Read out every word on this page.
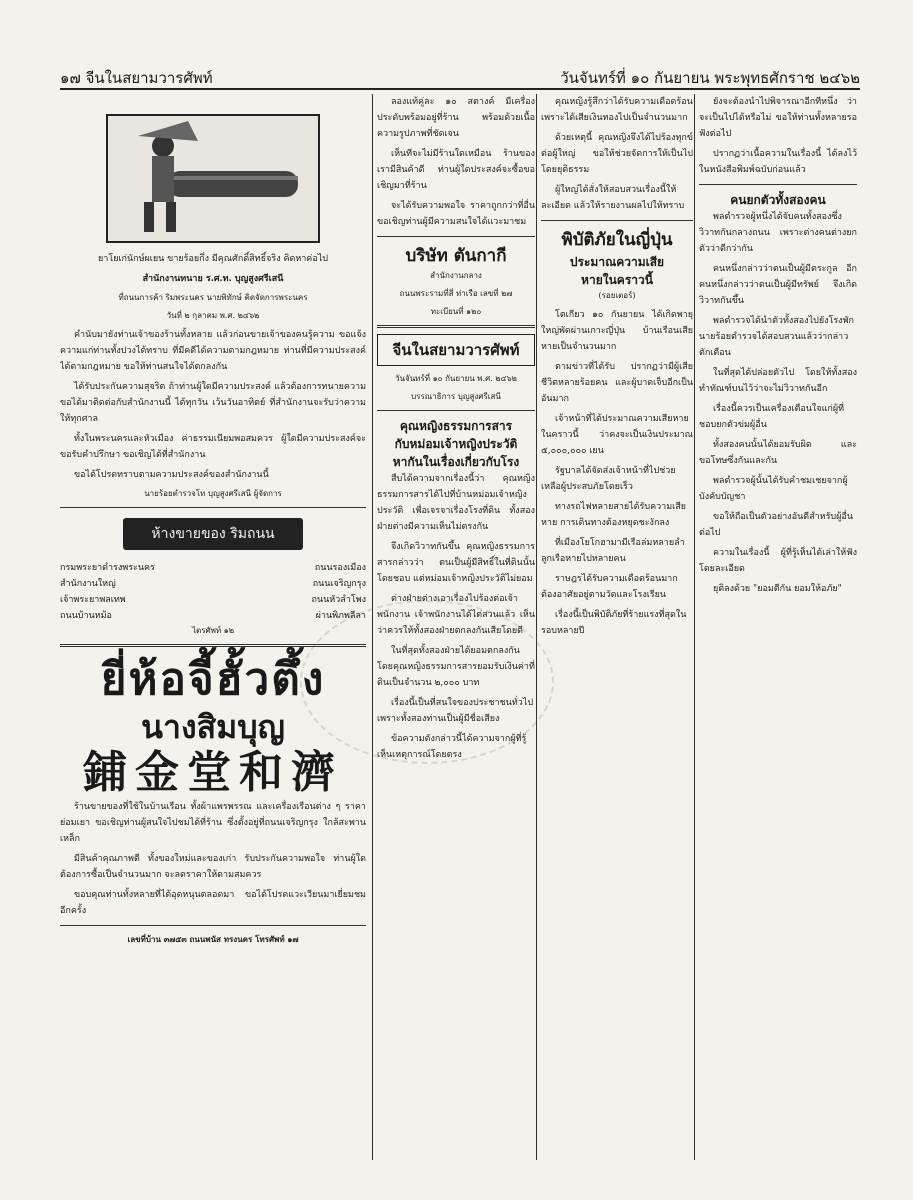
๑๗ จีนในสยามวารศัพท์	วันจันทร์ที่ ๑๐ กันยายน พระพุทธศักราช ๒๔๖๒

ยาโยเก่นักษ์ผเยน ขายร้อยกึ่ง มีคุณศักดิ์สิทธิ์จริง คิดหาค่อไป

สำนักงานทนาย ร.ศ.ท. บุญสูงศรีเสนี

ที่ถนนการค้า ริมพระนคร นายพิทักษ์ คิดจัดการพระนคร

วันที่ ๒ กุลาคม พ.ศ. ๒๔๖๒

คำนับมายังท่านเจ้าของร้านทั้งหลาย แล้วก่อนขายเจ้าของคนรู้ความ ขอแจ้งความแก่ท่านทั้งปวงได้ทราบ ที่มีคดีได้ความตามกฎหมาย ท่านที่มีความประสงค์ได้ตามกฎหมาย ขอให้ท่านสนใจได้ตกลงกัน

ได้รับประกันความสุจริต ถ้าท่านผู้ใดมีความประสงค์ แล้วต้องการทนายความ ขอได้มาติดต่อกับสำนักงานนี้ ได้ทุกวัน เว้นวันอาทิตย์ ที่สำนักงานจะรับว่าความให้ทุกศาล

ทั้งในพระนครและหัวเมือง ค่าธรรมเนียมพอสมควร ผู้ใดมีความประสงค์จะขอรับคำปรึกษา ขอเชิญได้ที่สำนักงาน

ขอได้โปรดทราบตามความประสงค์ของสำนักงานนี้

นายร้อยตำรวจโท บุญสูงศรีเสนี ผู้จัดการ

ห้างขายของ ริมถนน
กรมพระยาดำรงพระนคร	ถนนรองเมือง
สำนักงานใหญ่	ถนนเจริญกรุง
เจ้าพระยาพลเทพ	ถนนหัวลำโพง
ถนนบ้านหม้อ	ผ่านพิภพลีลา

ไตรศัพท์ ๑๒

ยี่ห้อจี้ฮั้วตึ้ง
นางสิมบุญ
鋪金堂和濟

ร้านขายของที่ใช้ในบ้านเรือน ทั้งผ้าแพรพรรณ และเครื่องเรือนต่าง ๆ ราคาย่อมเยา ขอเชิญท่านผู้สนใจไปชมได้ที่ร้าน ซึ่งตั้งอยู่ที่ถนนเจริญกรุง ใกล้สะพานเหล็ก

มีสินค้าคุณภาพดี ทั้งของใหม่และของเก่า รับประกันความพอใจ ท่านผู้ใดต้องการซื้อเป็นจำนวนมาก จะลดราคาให้ตามสมควร

ขอบคุณท่านทั้งหลายที่ได้อุดหนุนตลอดมา ขอได้โปรดแวะเวียนมาเยี่ยมชมอีกครั้ง

เลขที่บ้าน ๓๗๕๓ ถนนพนัส ทรงนคร โทรศัพท์ ๑๗

ลองแท้คู่ละ ๑๐ สตางค์ มีเครื่องประดับพร้อมอยู่ที่ร้าน พร้อมด้วยเนื้อความรูปภาพที่ชัดเจน

เห็นทีจะไม่มีร้านใดเหมือน ร้านของเรามีสินค้าดี ท่านผู้ใดประสงค์จะซื้อขอเชิญมาที่ร้าน

จะได้รับความพอใจ ราคาถูกกว่าที่อื่น ขอเชิญท่านผู้มีความสนใจได้แวะมาชม

บริษัท ตันกากี

สำนักงานกลาง

ถนนพระรามที่สี่ ท่าเรือ เลขที่ ๒๗

ทะเบียนที่ ๑๒๐

จีนในสยามวารศัพท์

วันจันทร์ที่ ๑๐ กันยายน พ.ศ. ๒๔๖๒

บรรณาธิการ บุญสูงศรีเสนี

คุณหญิงธรรมการสาร
กับหม่อมเจ้าหญิงประวัติ
หากันในเรื่องเกี่ยวกับโรง

สืบได้ความจากเรื่องนี้ว่า คุณหญิงธรรมการสารได้ไปที่บ้านหม่อมเจ้าหญิงประวัติ เพื่อเจรจาเรื่องโรงที่ดิน ทั้งสองฝ่ายต่างมีความเห็นไม่ตรงกัน

จึงเกิดวิวาทกันขึ้น คุณหญิงธรรมการสารกล่าวว่า ตนเป็นผู้มีสิทธิ์ในที่ดินนั้นโดยชอบ แต่หม่อมเจ้าหญิงประวัติไม่ยอม

ต่างฝ่ายต่างเอาเรื่องไปร้องต่อเจ้าพนักงาน เจ้าพนักงานได้ไต่สวนแล้ว เห็นว่าควรให้ทั้งสองฝ่ายตกลงกันเสียโดยดี

ในที่สุดทั้งสองฝ่ายได้ยอมตกลงกัน โดยคุณหญิงธรรมการสารยอมรับเงินค่าที่ดินเป็นจำนวน ๒,๐๐๐ บาท

เรื่องนี้เป็นที่สนใจของประชาชนทั่วไป เพราะทั้งสองท่านเป็นผู้มีชื่อเสียง

ข้อความดังกล่าวนี้ได้ความจากผู้ที่รู้เห็นเหตุการณ์โดยตรง

คุณหญิงรู้สึกว่าได้รับความเดือดร้อน เพราะได้เสียเงินทองไปเป็นจำนวนมาก

ด้วยเหตุนี้ คุณหญิงจึงได้ไปร้องทุกข์ต่อผู้ใหญ่ ขอให้ช่วยจัดการให้เป็นไปโดยยุติธรรม

ผู้ใหญ่ได้สั่งให้สอบสวนเรื่องนี้ให้ละเอียด แล้วให้รายงานผลไปให้ทราบ

พิบัติภัยในญี่ปุ่น
ประมาณความเสีย
หายในคราวนี้

(รอยเตอร์)

โตเกียว ๑๐ กันยายน ได้เกิดพายุใหญ่พัดผ่านเกาะญี่ปุ่น บ้านเรือนเสียหายเป็นจำนวนมาก

ตามข่าวที่ได้รับ ปรากฏว่ามีผู้เสียชีวิตหลายร้อยคน และผู้บาดเจ็บอีกเป็นอันมาก

เจ้าหน้าที่ได้ประมาณความเสียหายในคราวนี้ ว่าคงจะเป็นเงินประมาณ ๕,๐๐๐,๐๐๐ เยน

รัฐบาลได้จัดส่งเจ้าหน้าที่ไปช่วยเหลือผู้ประสบภัยโดยเร็ว

ทางรถไฟหลายสายได้รับความเสียหาย การเดินทางต้องหยุดชะงักลง

ที่เมืองโยโกฮามามีเรือล่มหลายลำ ลูกเรือหายไปหลายคน

ราษฎรได้รับความเดือดร้อนมาก ต้องอาศัยอยู่ตามวัดและโรงเรียน

เรื่องนี้เป็นพิบัติภัยที่ร้ายแรงที่สุดในรอบหลายปี

ยังจะต้องนำไปพิจารณาอีกทีหนึ่ง ว่าจะเป็นไปได้หรือไม่ ขอให้ท่านทั้งหลายรอฟังต่อไป

ปรากฏว่าเนื้อความในเรื่องนี้ ได้ลงไว้ในหนังสือพิมพ์ฉบับก่อนแล้ว

คนยกตัวทั้งสองคน

พลตำรวจผู้หนึ่งได้จับคนทั้งสองซึ่งวิวาทกันกลางถนน เพราะต่างคนต่างยกตัวว่าดีกว่ากัน

คนหนึ่งกล่าวว่าตนเป็นผู้มีตระกูล อีกคนหนึ่งกล่าวว่าตนเป็นผู้มีทรัพย์ จึงเกิดวิวาทกันขึ้น

พลตำรวจได้นำตัวทั้งสองไปยังโรงพัก นายร้อยตำรวจได้สอบสวนแล้วว่ากล่าวตักเตือน

ในที่สุดได้ปล่อยตัวไป โดยให้ทั้งสองทำทัณฑ์บนไว้ว่าจะไม่วิวาทกันอีก

เรื่องนี้ควรเป็นเครื่องเตือนใจแก่ผู้ที่ชอบยกตัวข่มผู้อื่น

ทั้งสองคนนั้นได้ยอมรับผิด และขอโทษซึ่งกันและกัน

พลตำรวจผู้นั้นได้รับคำชมเชยจากผู้บังคับบัญชา

ขอให้ถือเป็นตัวอย่างอันดีสำหรับผู้อื่นต่อไป

ความในเรื่องนี้ ผู้ที่รู้เห็นได้เล่าให้ฟังโดยละเอียด

ยุติลงด้วย "ยอมตีกัน ยอมให้อภัย"
